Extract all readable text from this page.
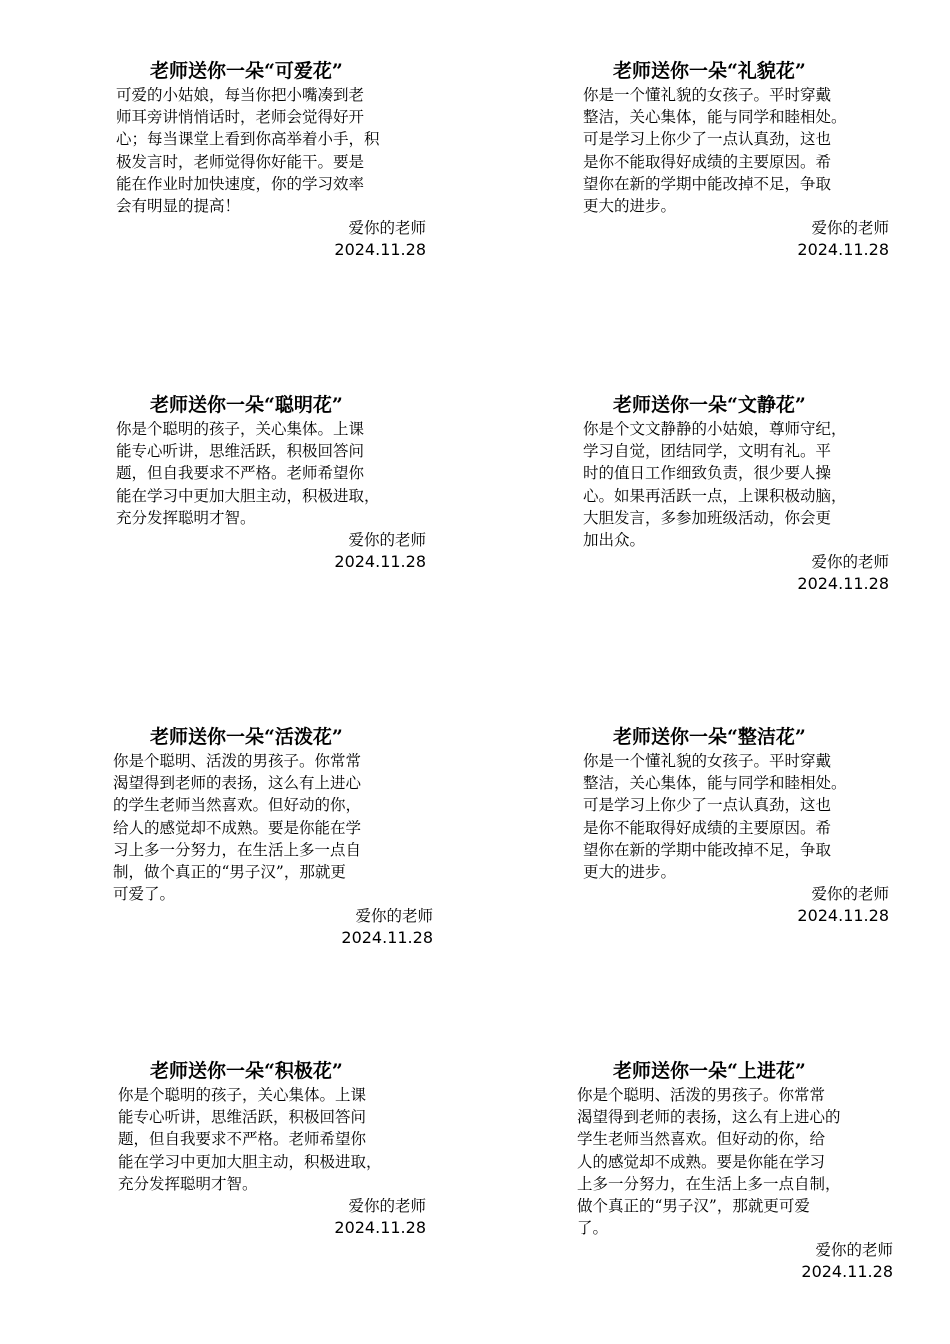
老师送你一朵“可爱花”
可爱的小姑娘，每当你把小嘴凑到老
师耳旁讲悄悄话时，老师会觉得好开
心；每当课堂上看到你高举着小手，积
极发言时，老师觉得你好能干。要是
能在作业时加快速度，你的学习效率
会有明显的提高！
爱你的老师
2024.11.28
老师送你一朵“礼貌花”
你是一个懂礼貌的女孩子。平时穿戴
整洁，关心集体，能与同学和睦相处。
可是学习上你少了一点认真劲，这也
是你不能取得好成绩的主要原因。希
望你在新的学期中能改掉不足，争取
更大的进步。
爱你的老师
2024.11.28
老师送你一朵“聪明花”
你是个聪明的孩子，关心集体。上课
能专心听讲，思维活跃，积极回答问
题，但自我要求不严格。老师希望你
能在学习中更加大胆主动，积极进取，
充分发挥聪明才智。
爱你的老师
2024.11.28
老师送你一朵“文静花”
你是个文文静静的小姑娘，尊师守纪，
学习自觉，团结同学，文明有礼。平
时的值日工作细致负责，很少要人操
心。如果再活跃一点，上课积极动脑，
大胆发言，多参加班级活动，你会更
加出众。
爱你的老师
2024.11.28
老师送你一朵“活泼花”
你是个聪明、活泼的男孩子。你常常
渴望得到老师的表扬，这么有上进心
的学生老师当然喜欢。但好动的你，
给人的感觉却不成熟。要是你能在学
习上多一分努力，在生活上多一点自
制，做个真正的“男子汉”，那就更
可爱了。
爱你的老师
2024.11.28
老师送你一朵“整洁花”
你是一个懂礼貌的女孩子。平时穿戴
整洁，关心集体，能与同学和睦相处。
可是学习上你少了一点认真劲，这也
是你不能取得好成绩的主要原因。希
望你在新的学期中能改掉不足，争取
更大的进步。
爱你的老师
2024.11.28
老师送你一朵“积极花”
你是个聪明的孩子，关心集体。上课
能专心听讲，思维活跃，积极回答问
题，但自我要求不严格。老师希望你
能在学习中更加大胆主动，积极进取，
充分发挥聪明才智。
爱你的老师
2024.11.28
老师送你一朵“上进花”
你是个聪明、活泼的男孩子。你常常
渴望得到老师的表扬，这么有上进心的
学生老师当然喜欢。但好动的你，给
人的感觉却不成熟。要是你能在学习
上多一分努力，在生活上多一点自制，
做个真正的“男子汉”，那就更可爱
了。
爱你的老师
2024.11.28
